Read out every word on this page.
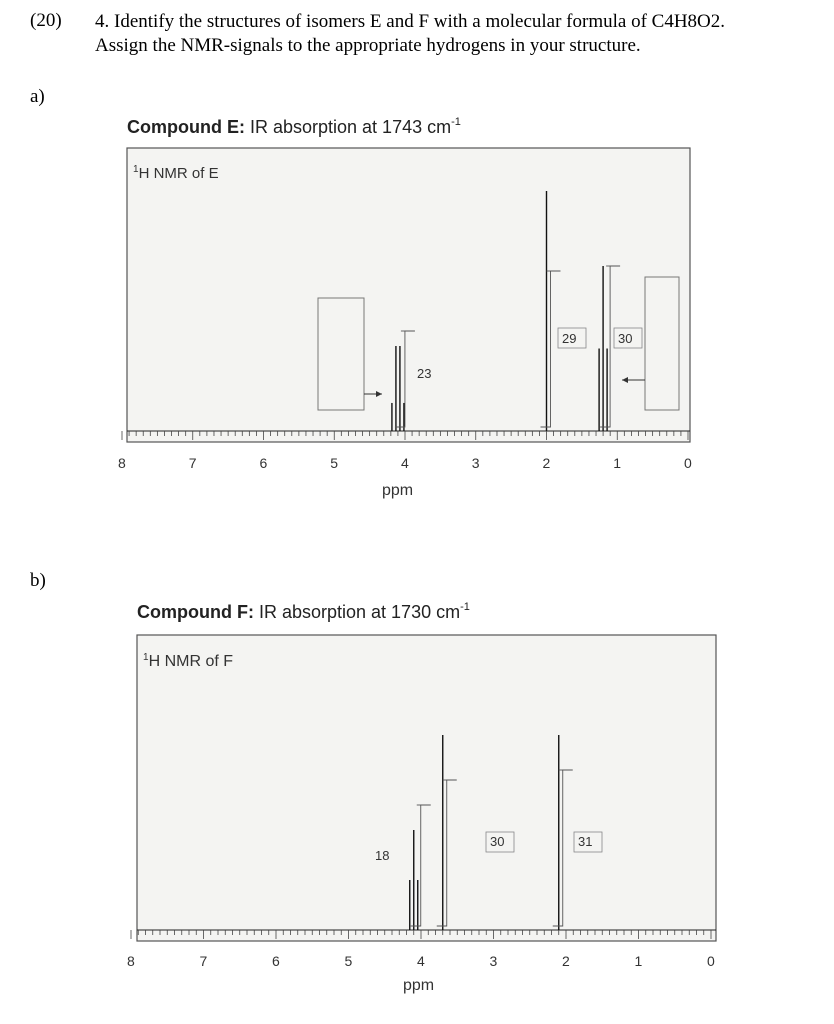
(20) 4. Identify the structures of isomers E and F with a molecular formula of C4H8O2.
Assign the NMR-signals to the appropriate hydrogens in your structure.
a)
Compound E: IR absorption at 1743 $cm^{-1}$
$^1$H NMR of E
8	7	6	5	4	3	2	1	0
23
29	30
ppm
Compound F: IR absorption at 1730 $cm^{-1}$
$^1$H NMR of F
8	7	6	5	4	3	2	1	0
18
30	31
ppm
b)
